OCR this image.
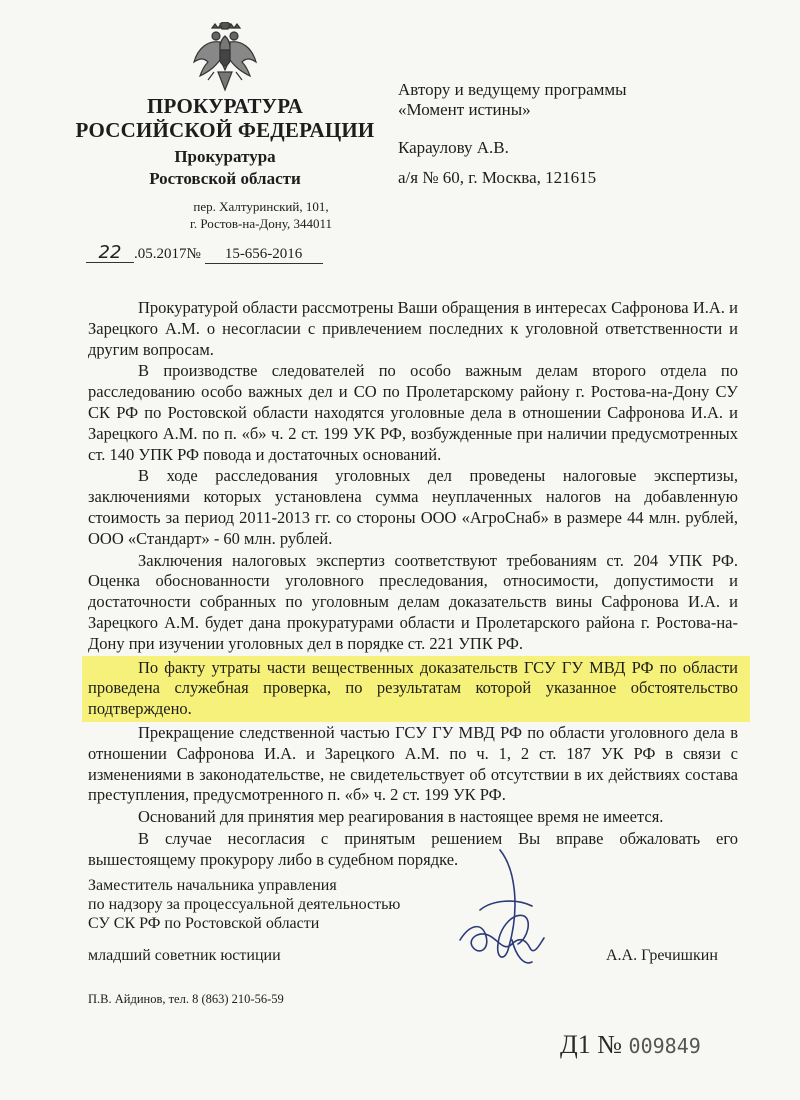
ПРОКУРАТУРА
РОССИЙСКОЙ ФЕДЕРАЦИИ
Прокуратура
Ростовской области
пер. Халтуринский, 101,
г. Ростов-на-Дону, 344011
22 .05.2017№ 15-656-2016
Автору и ведущему программы
«Момент истины»
Караулову А.В.
а/я № 60, г. Москва, 121615

Прокуратурой области рассмотрены Ваши обращения в интересах Сафронова И.А. и Зарецкого А.М. о несогласии с привлечением последних к уголовной ответственности и другим вопросам.

В производстве следователей по особо важным делам второго отдела по расследованию особо важных дел и СО по Пролетарскому району г. Ростова-на-Дону СУ СК РФ по Ростовской области находятся уголовные дела в отношении Сафронова И.А. и Зарецкого А.М. по п. «б» ч. 2 ст. 199 УК РФ, возбужденные при наличии предусмотренных ст. 140 УПК РФ повода и достаточных оснований.

В ходе расследования уголовных дел проведены налоговые экспертизы, заключениями которых установлена сумма неуплаченных налогов на добавленную стоимость за период 2011-2013 гг. со стороны ООО «АгроСнаб» в размере 44 млн. рублей, ООО «Стандарт» - 60 млн. рублей.

Заключения налоговых экспертиз соответствуют требованиям ст. 204 УПК РФ. Оценка обоснованности уголовного преследования, относимости, допустимости и достаточности собранных по уголовным делам доказательств вины Сафронова И.А. и Зарецкого А.М. будет дана прокуратурами области и Пролетарского района г. Ростова-на-Дону при изучении уголовных дел в порядке ст. 221 УПК РФ.

По факту утраты части вещественных доказательств ГСУ ГУ МВД РФ по области проведена служебная проверка, по результатам которой указанное обстоятельство подтверждено.

Прекращение следственной частью ГСУ ГУ МВД РФ по области уголовного дела в отношении Сафронова И.А. и Зарецкого А.М. по ч. 1, 2 ст. 187 УК РФ в связи с изменениями в законодательстве, не свидетельствует об отсутствии в их действиях состава преступления, предусмотренного п. «б» ч. 2 ст. 199 УК РФ.

Оснований для принятия мер реагирования в настоящее время не имеется.

В случае несогласия с принятым решением Вы вправе обжаловать его вышестоящему прокурору либо в судебном порядке.

Заместитель начальника управления
по надзору за процессуальной деятельностью
СУ СК РФ по Ростовской области
младший советник юстиции	А.А. Гречишкин
П.В. Айдинов, тел. 8 (863) 210-56-59
Д1 № 009849
